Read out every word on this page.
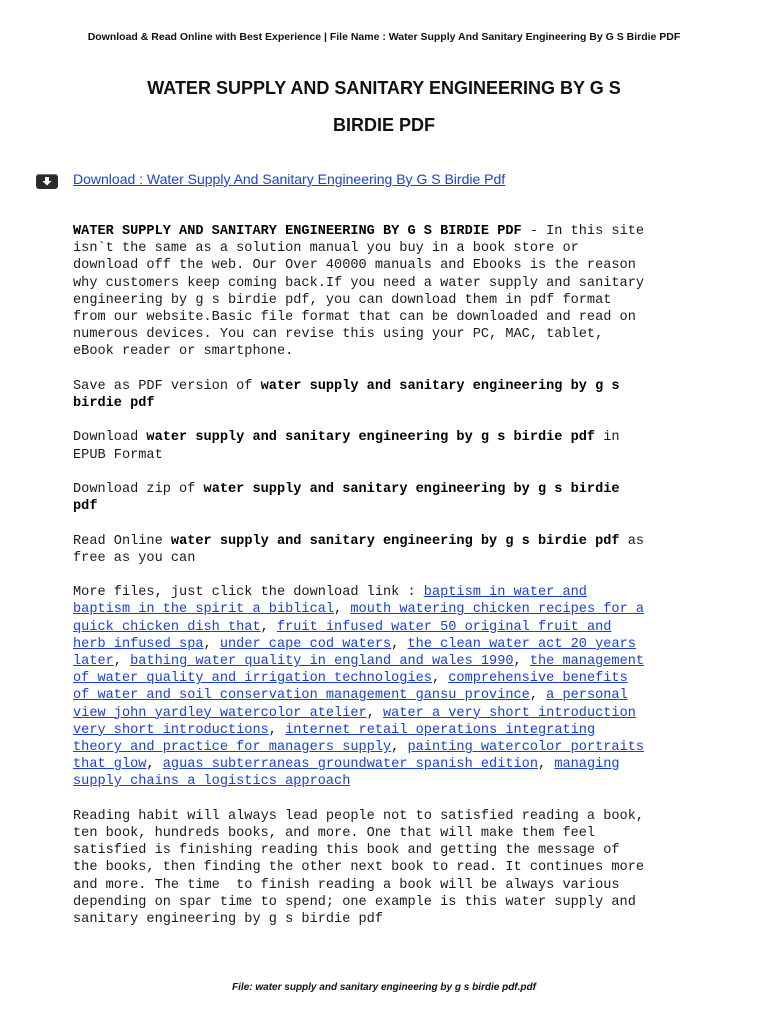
Download & Read Online with Best Experience | File Name : Water Supply And Sanitary Engineering By G S Birdie PDF
WATER SUPPLY AND SANITARY ENGINEERING BY G S
BIRDIE PDF
Download : Water Supply And Sanitary Engineering By G S Birdie Pdf

WATER SUPPLY AND SANITARY ENGINEERING BY G S BIRDIE PDF - In this site
isn`t the same as a solution manual you buy in a book store or
download off the web. Our Over 40000 manuals and Ebooks is the reason
why customers keep coming back.If you need a water supply and sanitary
engineering by g s birdie pdf, you can download them in pdf format
from our website.Basic file format that can be downloaded and read on
numerous devices. You can revise this using your PC, MAC, tablet,
eBook reader or smartphone.

Save as PDF version of water supply and sanitary engineering by g s
birdie pdf

Download water supply and sanitary engineering by g s birdie pdf in
EPUB Format

Download zip of water supply and sanitary engineering by g s birdie
pdf

Read Online water supply and sanitary engineering by g s birdie pdf as
free as you can

More files, just click the download link : baptism in water and
baptism in the spirit a biblical, mouth watering chicken recipes for a
quick chicken dish that, fruit infused water 50 original fruit and
herb infused spa, under cape cod waters, the clean water act 20 years
later, bathing water quality in england and wales 1990, the management
of water quality and irrigation technologies, comprehensive benefits
of water and soil conservation management gansu province, a personal
view john yardley watercolor atelier, water a very short introduction
very short introductions, internet retail operations integrating
theory and practice for managers supply, painting watercolor portraits
that glow, aguas subterraneas groundwater spanish edition, managing
supply chains a logistics approach

Reading habit will always lead people not to satisfied reading a book,
ten book, hundreds books, and more. One that will make them feel
satisfied is finishing reading this book and getting the message of
the books, then finding the other next book to read. It continues more
and more. The time  to finish reading a book will be always various
depending on spar time to spend; one example is this water supply and
sanitary engineering by g s birdie pdf

File: water supply and sanitary engineering by g s birdie pdf.pdf
